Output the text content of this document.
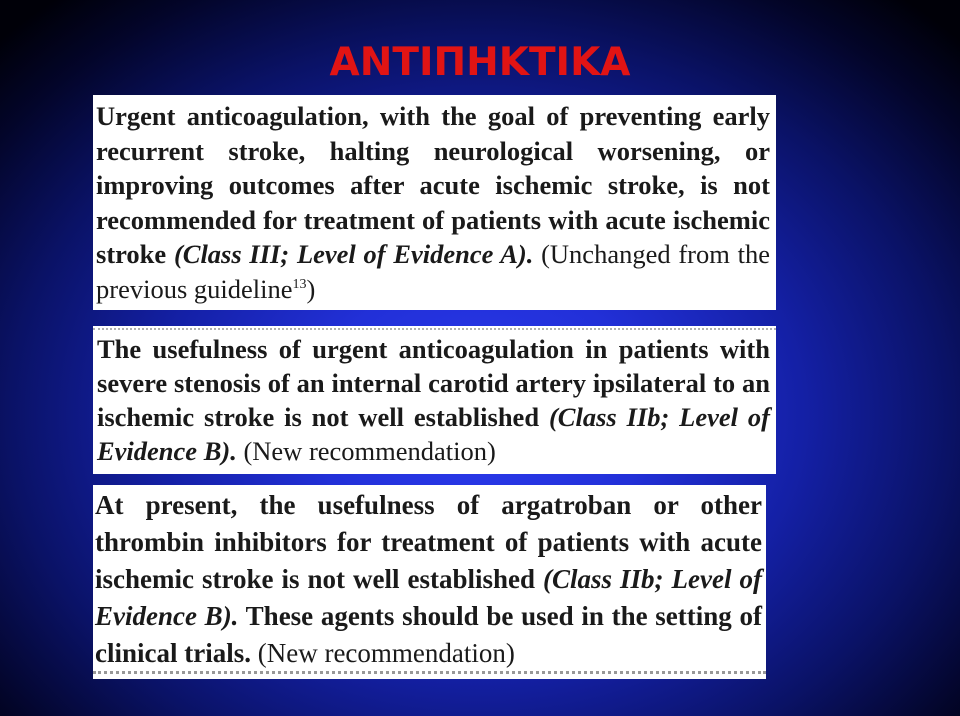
ΑΝΤΙΠΗΚΤΙΚΑ

Urgent anticoagulation, with the goal of preventing early recurrent stroke, halting neurological worsening, or improving outcomes after acute ischemic stroke, is not recommended for treatment of patients with acute ischemic stroke (Class III; Level of Evidence A). (Unchanged from the previous guideline$^{13}$)

The usefulness of urgent anticoagulation in patients with severe stenosis of an internal carotid artery ipsilateral to an ischemic stroke is not well established (Class IIb; Level of Evidence B). (New recommendation)

At present, the usefulness of argatroban or other thrombin inhibitors for treatment of patients with acute ischemic stroke is not well established (Class IIb; Level of Evidence B). These agents should be used in the setting of clinical trials. (New recommendation)
